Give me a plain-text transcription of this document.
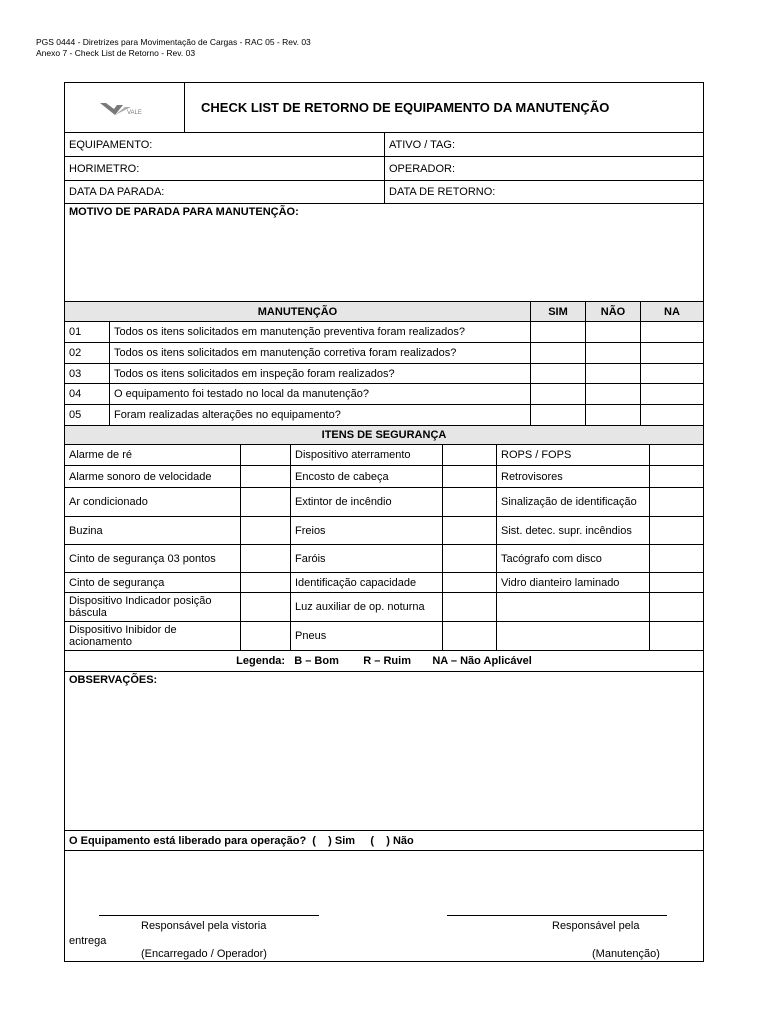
PGS 0444 - Diretrizes para Movimentação de Cargas - RAC 05 - Rev. 03
Anexo 7 - Check List de Retorno - Rev. 03
VALE	CHECK LIST DE RETORNO DE EQUIPAMENTO DA MANUTENÇÃO
EQUIPAMENTO:	ATIVO / TAG:
HORIMETRO:	OPERADOR:
DATA DA PARADA:	DATA DE RETORNO:
MOTIVO DE PARADA PARA MANUTENÇÃO:
MANUTENÇÃO	SIM	NÃO	NA
01	Todos os itens solicitados em manutenção preventiva foram realizados?
02	Todos os itens solicitados em manutenção corretiva foram realizados?
03	Todos os itens solicitados em inspeção foram realizados?
04	O equipamento foi testado no local da manutenção?
05	Foram realizadas alterações no equipamento?
ITENS DE SEGURANÇA
Alarme de ré	Dispositivo aterramento	ROPS / FOPS
Alarme sonoro de velocidade	Encosto de cabeça	Retrovisores
Ar condicionado	Extintor de incêndio	Sinalização de identificação
Buzina	Freios	Sist. detec. supr. incêndios
Cinto de segurança 03 pontos	Faróis	Tacógrafo com disco
Cinto de segurança	Identificação capacidade	Vidro dianteiro laminado
Dispositivo Indicador posição báscula	Luz auxiliar de op. noturna
Dispositivo Inibidor de acionamento	Pneus
Legenda:   B – Bom        R – Ruim       NA – Não Aplicável
OBSERVAÇÕES:
O Equipamento está liberado para operação?  (    ) Sim     (    ) Não
Responsável pela vistoria	Responsável pela
entrega
(Encarregado / Operador)	(Manutenção)
